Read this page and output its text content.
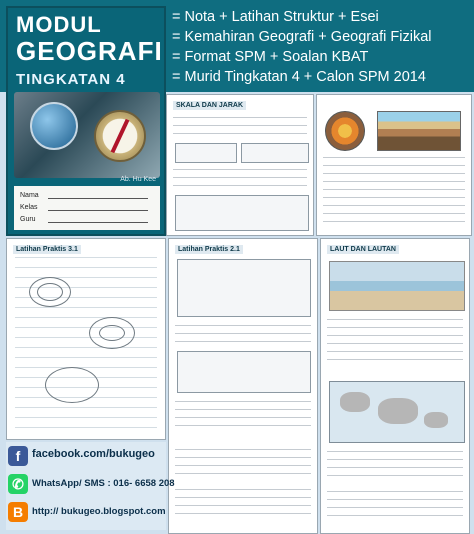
MODUL
GEOGRAFI
TINGKATAN 4
Ab. Hu Kee
Nama
Kelas
Guru
= Nota + Latihan Struktur + Esei
= Kemahiran Geografi + Geografi Fizikal
= Format SPM + Soalan KBAT
= Murid Tingkatan 4 + Calon SPM 2014
SKALA DAN JARAK
Latihan Praktis 3.1	Latihan Praktis 2.1	LAUT DAN LAUTAN
f	facebook.com/bukugeo
✆ WhatsApp/ SMS : 016- 6658 208
B http:// bukugeo.blogspot.com
